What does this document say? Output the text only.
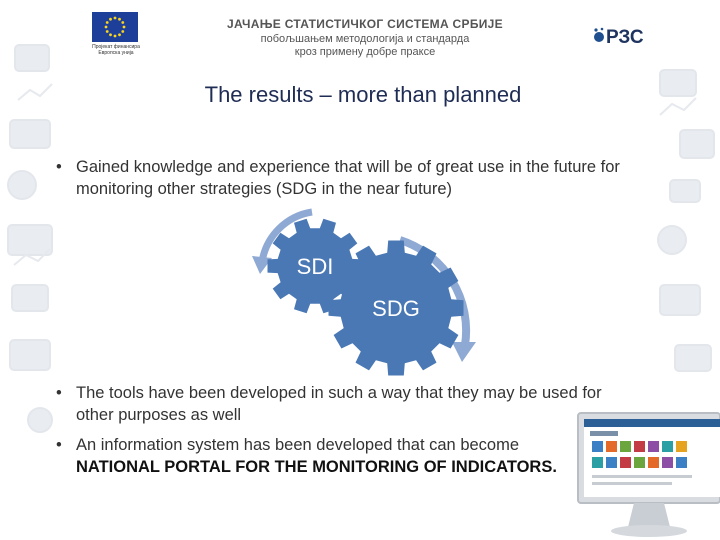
Пројекат финансира Европска унија
ЈАЧАЊЕ СТАТИСТИЧКОГ СИСТЕМА СРБИЈЕ
побољшањем методологија и стандарда
кроз примену добре праксе
РЗС
The results – more than planned
• Gained knowledge and experience that will be of great use in the future for monitoring other strategies (SDG in the near future)
• The tools have been developed in such a way that they may be used for other purposes as well
• An information system has been developed that can become
NATIONAL PORTAL FOR THE MONITORING OF INDICATORS.
SDI
SDG
